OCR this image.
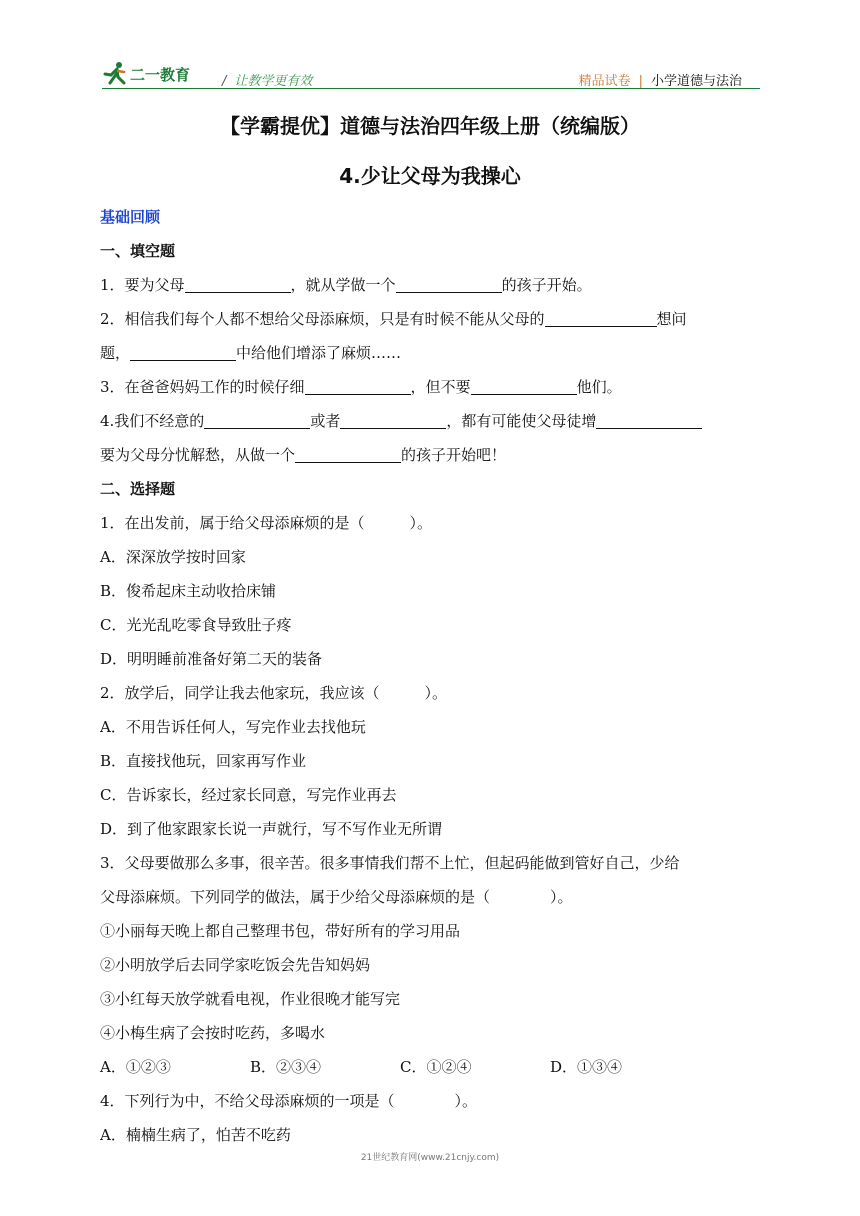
二一教育 / 让教学更有效	精品试卷 | 小学道德与法治
【学霸提优】道德与法治四年级上册（统编版）
4.少让父母为我操心
基础回顾
一、填空题
1．要为父母	，就从学做一个	的孩子开始。
2．相信我们每个人都不想给父母添麻烦，只是有时候不能从父母的	想问
题，	中给他们增添了麻烦……
3．在爸爸妈妈工作的时候仔细	，但不要	他们。
4.我们不经意的	或者	，都有可能使父母徒增
要为父母分忧解愁，从做一个	的孩子开始吧！
二、选择题
1．在出发前，属于给父母添麻烦的是（　　　）。
A．深深放学按时回家
B．俊希起床主动收拾床铺
C．光光乱吃零食导致肚子疼
D．明明睡前准备好第二天的装备
2．放学后，同学让我去他家玩，我应该（　　　）。
A．不用告诉任何人，写完作业去找他玩
B．直接找他玩，回家再写作业
C．告诉家长，经过家长同意，写完作业再去
D．到了他家跟家长说一声就行，写不写作业无所谓
3．父母要做那么多事，很辛苦。很多事情我们帮不上忙，但起码能做到管好自己，少给
父母添麻烦。下列同学的做法，属于少给父母添麻烦的是（　　　　）。
①小丽每天晚上都自己整理书包，带好所有的学习用品
②小明放学后去同学家吃饭会先告知妈妈
③小红每天放学就看电视，作业很晚才能写完
④小梅生病了会按时吃药，多喝水
A．①②③	B．②③④	C．①②④	D．①③④
4．下列行为中，不给父母添麻烦的一项是（　　　　）。
A．楠楠生病了，怕苦不吃药
21世纪教育网(www.21cnjy.com)
